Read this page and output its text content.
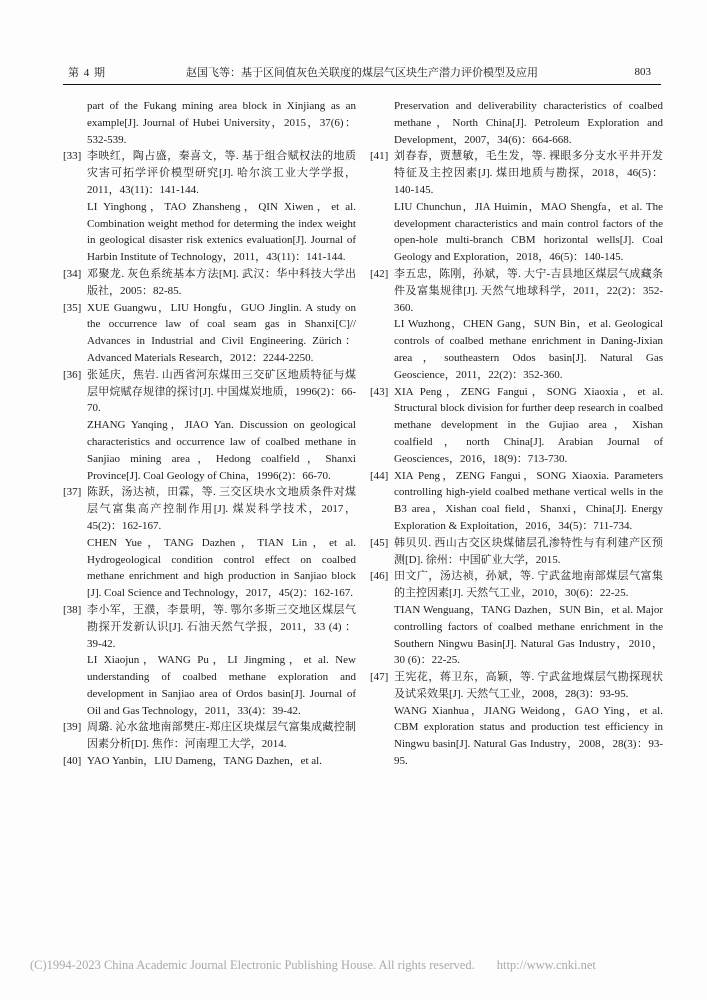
第 4 期	赵国飞等：基于区间值灰色关联度的煤层气区块生产潜力评价模型及应用	803

part of the Fukang mining area block in Xinjiang as an example[J]. Journal of Hubei University，2015，37(6)：532-539.

[33] 李映红，陶占盛，秦喜文，等. 基于组合赋权法的地质灾害可拓学评价模型研究[J]. 哈尔滨工业大学学报，2011，43(11)：141-144.

LI Yinghong，TAO Zhansheng，QIN Xiwen，et al. Combination weight method for determing the index weight in geological disaster risk extenics evaluation[J]. Journal of Harbin Institute of Technology，2011，43(11)：141-144.

[34] 邓聚龙. 灰色系统基本方法[M]. 武汉：华中科技大学出版社，2005：82-85.

[35] XUE Guangwu，LIU Hongfu，GUO Jinglin. A study on the occurrence law of coal seam gas in Shanxi[C]// Advances in Industrial and Civil Engineering. Zürich：Advanced Materials Research，2012：2244-2250.

[36] 张延庆，焦岩. 山西省河东煤田三交矿区地质特征与煤层甲烷赋存规律的探讨[J]. 中国煤炭地质，1996(2)：66-70.

ZHANG Yanqing，JIAO Yan. Discussion on geological characteristics and occurrence law of coalbed methane in Sanjiao mining area，Hedong coalfield，Shanxi Province[J]. Coal Geology of China，1996(2)：66-70.

[37] 陈跃，汤达祯，田霖，等. 三交区块水文地质条件对煤层气富集高产控制作用[J]. 煤炭科学技术，2017，45(2)：162-167.

CHEN Yue，TANG Dazhen，TIAN Lin，et al. Hydrogeological condition control effect on coalbed methane enrichment and high production in Sanjiao block [J]. Coal Science and Technology，2017，45(2)：162-167.

[38] 李小军，王濮，李景明，等. 鄂尔多斯三交地区煤层气勘探开发新认识[J]. 石油天然气学报，2011，33 (4) ：39-42.

LI Xiaojun，WANG Pu，LI Jingming，et al. New understanding of coalbed methane exploration and development in Sanjiao area of Ordos basin[J]. Journal of Oil and Gas Technology，2011，33(4)：39-42.

[39] 周璐. 沁水盆地南部樊庄-郑庄区块煤层气富集成藏控制因素分析[D]. 焦作：河南理工大学，2014.

[40] YAO Yanbin，LIU Dameng，TANG Dazhen，et al.

Preservation and deliverability characteristics of coalbed methane，North China[J]. Petroleum Exploration and Development，2007，34(6)：664-668.

[41] 刘春春，贾慧敏，毛生发，等. 裸眼多分支水平井开发特征及主控因素[J]. 煤田地质与勘探，2018，46(5)：140-145.

LIU Chunchun，JIA Huimin，MAO Shengfa，et al. The development characteristics and main control factors of the open-hole multi-branch CBM horizontal wells[J]. Coal Geology and Exploration，2018，46(5)：140-145.

[42] 李五忠，陈刚，孙斌，等. 大宁-吉县地区煤层气成藏条件及富集规律[J]. 天然气地球科学，2011，22(2)：352-360.

LI Wuzhong，CHEN Gang，SUN Bin，et al. Geological controls of coalbed methane enrichment in Daning-Jixian area，southeastern Odos basin[J]. Natural Gas Geoscience，2011，22(2)：352-360.

[43] XIA Peng，ZENG Fangui，SONG Xiaoxia，et al. Structural block division for further deep research in coalbed methane development in the Gujiao area，Xishan coalfield，north China[J]. Arabian Journal of Geosciences，2016，18(9)：713-730.

[44] XIA Peng，ZENG Fangui，SONG Xiaoxia. Parameters controlling high-yield coalbed methane vertical wells in the B3 area，Xishan coal field，Shanxi，China[J]. Energy Exploration & Exploitation，2016，34(5)：711-734.

[45] 韩贝贝. 西山古交区块煤储层孔渗特性与有利建产区预测[D]. 徐州：中国矿业大学，2015.

[46] 田文广，汤达祯，孙斌，等. 宁武盆地南部煤层气富集的主控因素[J]. 天然气工业，2010，30(6)：22-25.

TIAN Wenguang，TANG Dazhen，SUN Bin，et al. Major controlling factors of coalbed methane enrichment in the Southern Ningwu Basin[J]. Natural Gas Industry，2010，30 (6)：22-25.

[47] 王宪花，蒋卫东，高颖，等. 宁武盆地煤层气勘探现状及试采效果[J]. 天然气工业，2008，28(3)：93-95.

WANG Xianhua，JIANG Weidong，GAO Ying，et al. CBM exploration status and production test efficiency in Ningwu basin[J]. Natural Gas Industry，2008，28(3)：93-95.

(C)1994-2023 China Academic Journal Electronic Publishing House. All rights reserved. http://www.cnki.net
